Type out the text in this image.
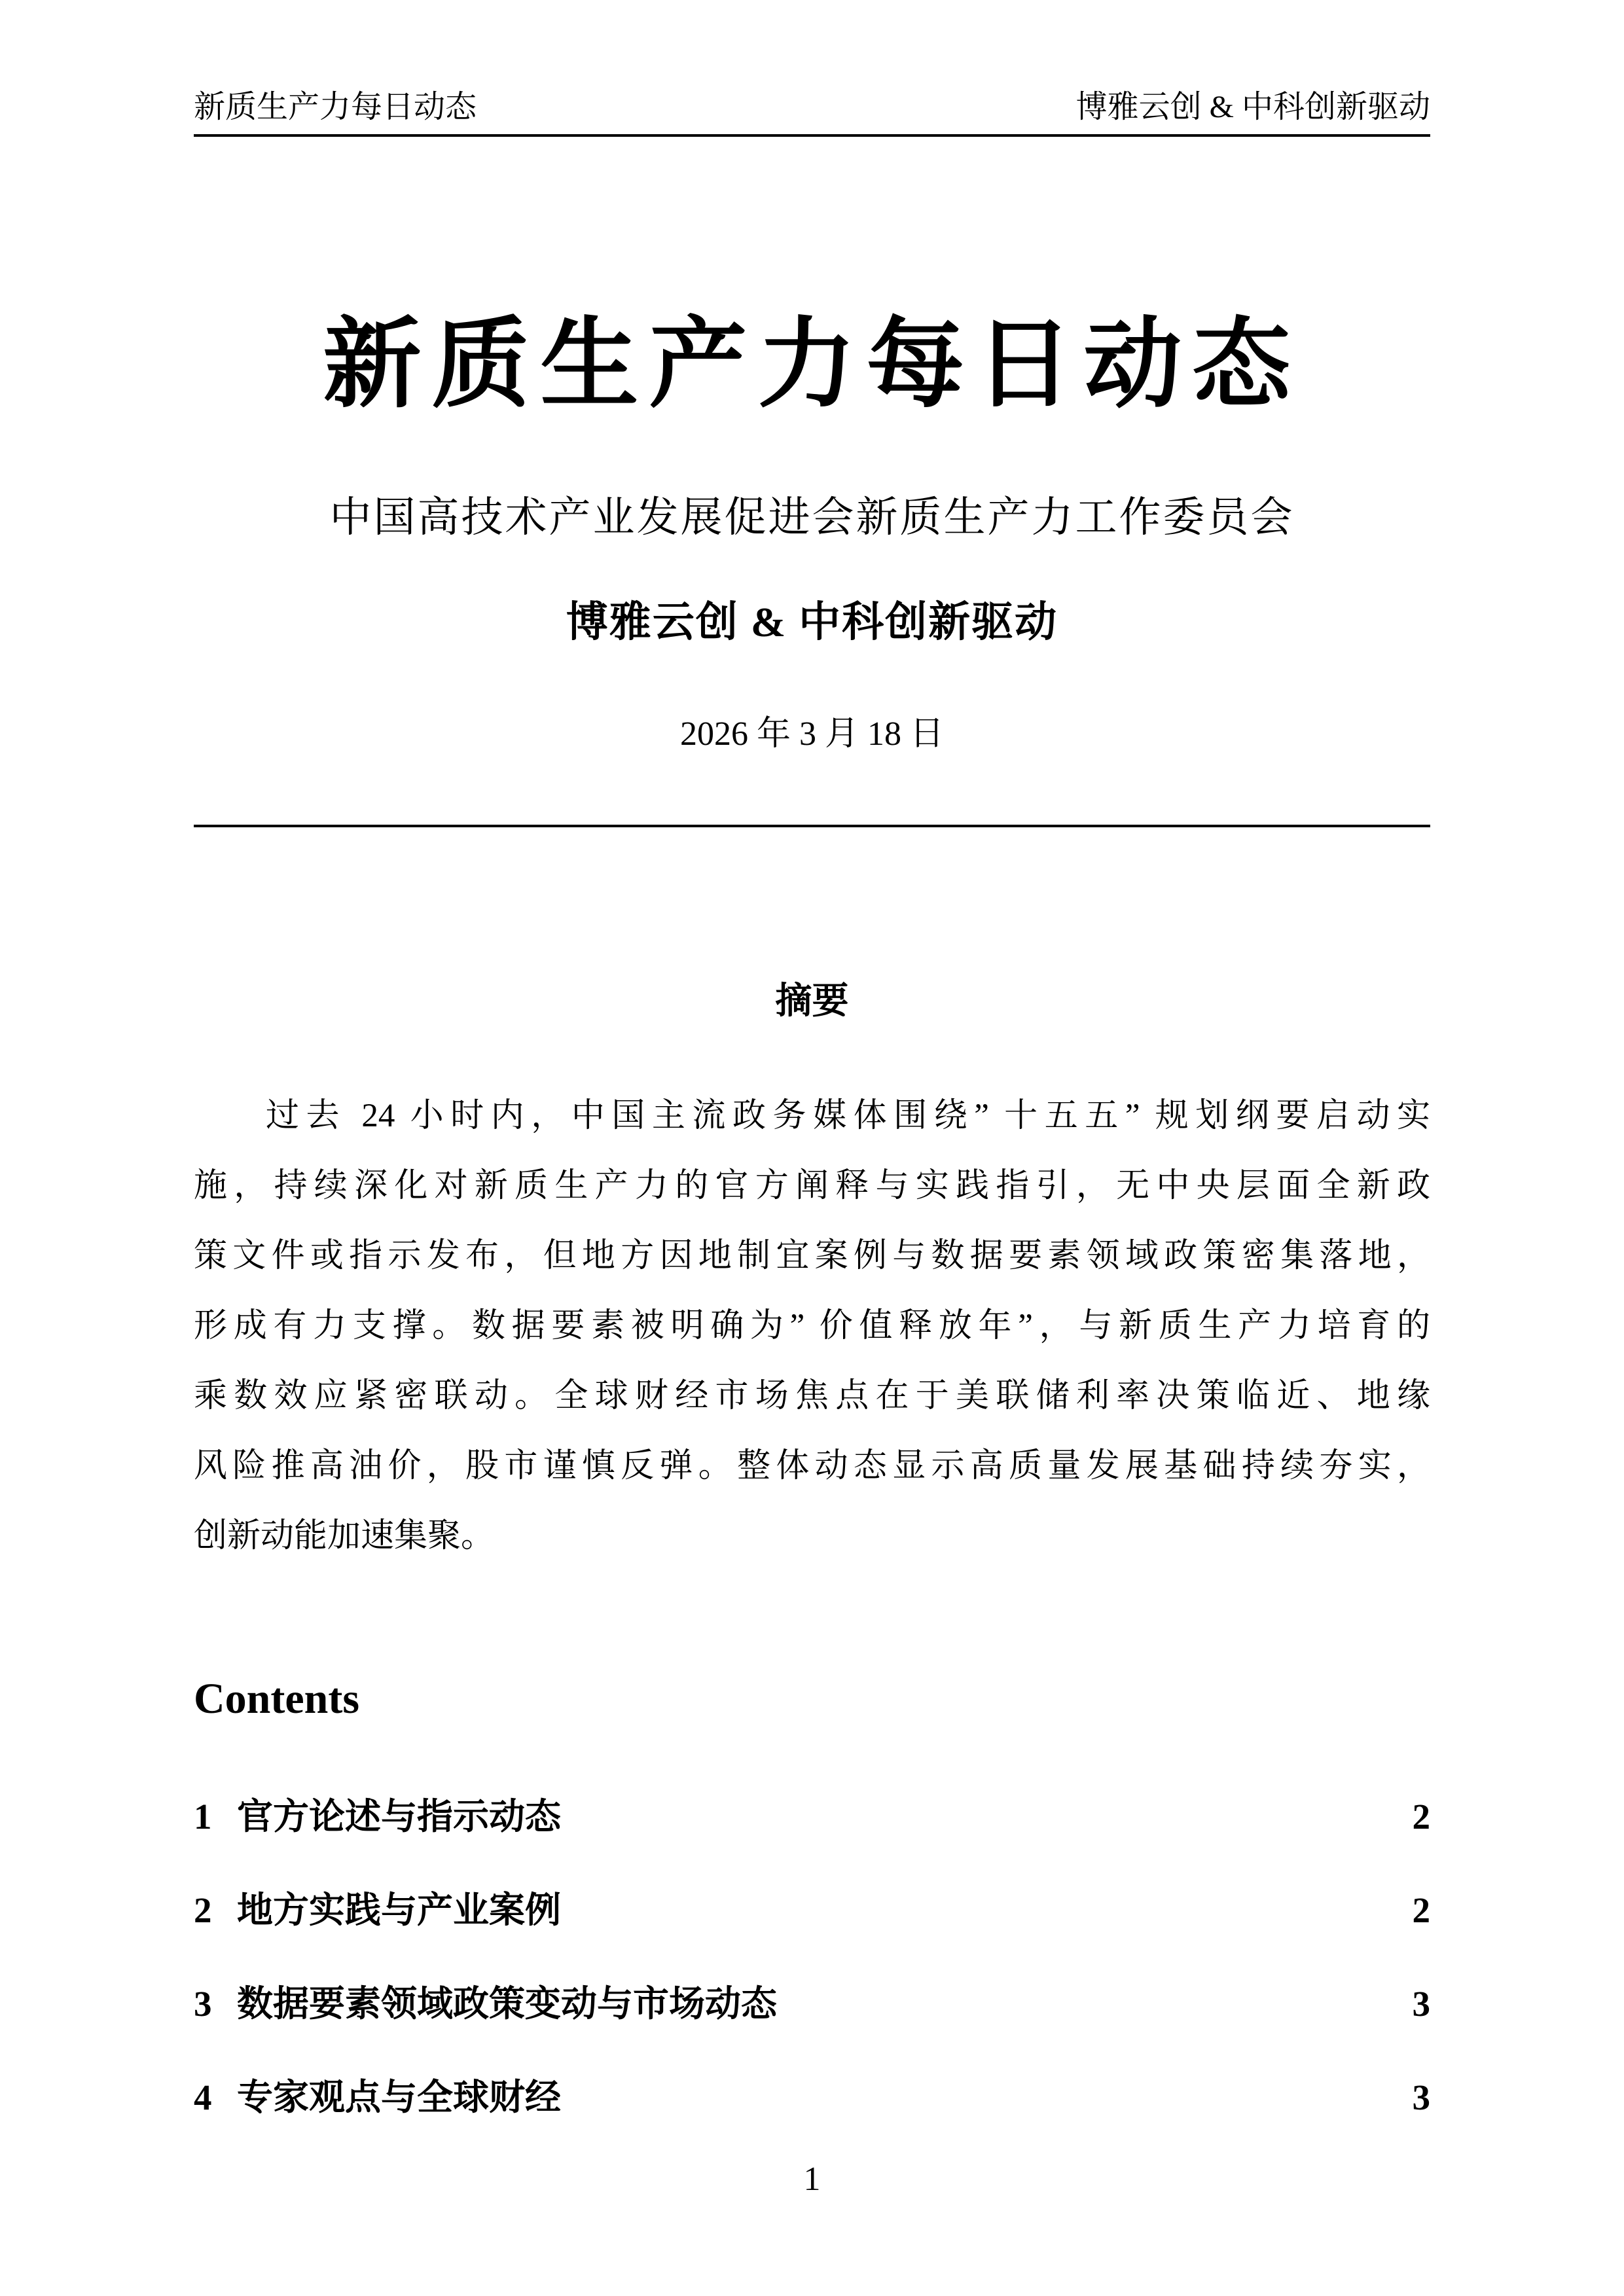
新质生产力每日动态	博雅云创 & 中科创新驱动
新质生产力每日动态
中国高技术产业发展促进会新质生产力工作委员会
博雅云创 & 中科创新驱动
2026 年 3 月 18 日
摘要
过去 24 小时内，中国主流政务媒体围绕” 十五五” 规划纲要启动实
施，持续深化对新质生产力的官方阐释与实践指引，无中央层面全新政
策文件或指示发布，但地方因地制宜案例与数据要素领域政策密集落地，
形成有力支撑。数据要素被明确为” 价值释放年”，与新质生产力培育的
乘数效应紧密联动。全球财经市场焦点在于美联储利率决策临近、地缘
风险推高油价，股市谨慎反弹。整体动态显示高质量发展基础持续夯实，
创新动能加速集聚。
Contents
1 官方论述与指示动态	2
2 地方实践与产业案例	2
3 数据要素领域政策变动与市场动态	3
4 专家观点与全球财经	3
1
